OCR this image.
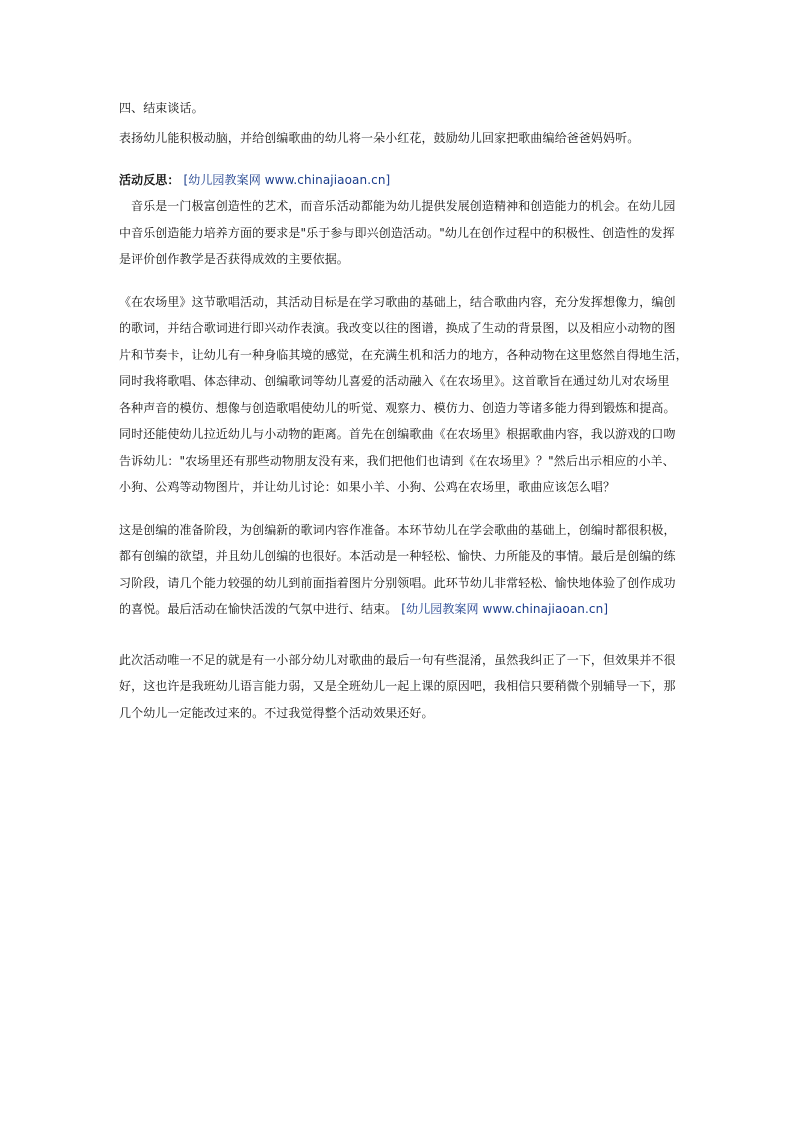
四、结束谈话。

表扬幼儿能积极动脑，并给创编歌曲的幼儿将一朵小红花，鼓励幼儿回家把歌曲编给爸爸妈妈听。

活动反思： [幼儿园教案网 www.chinajiaoan.cn]

音乐是一门极富创造性的艺术，而音乐活动都能为幼儿提供发展创造精神和创造能力的机会。在幼儿园

中音乐创造能力培养方面的要求是"乐于参与即兴创造活动。"幼儿在创作过程中的积极性、创造性的发挥

是评价创作教学是否获得成效的主要依据。

《在农场里》这节歌唱活动，其活动目标是在学习歌曲的基础上，结合歌曲内容，充分发挥想像力，编创

的歌词，并结合歌词进行即兴动作表演。我改变以往的图谱，换成了生动的背景图，以及相应小动物的图

片和节奏卡，让幼儿有一种身临其境的感觉，在充满生机和活力的地方，各种动物在这里悠然自得地生活，

同时我将歌唱、体态律动、创编歌词等幼儿喜爱的活动融入《在农场里》。这首歌旨在通过幼儿对农场里

各种声音的模仿、想像与创造歌唱使幼儿的听觉、观察力、模仿力、创造力等诸多能力得到锻炼和提高。

同时还能使幼儿拉近幼儿与小动物的距离。首先在创编歌曲《在农场里》根据歌曲内容，我以游戏的口吻

告诉幼儿："农场里还有那些动物朋友没有来，我们把他们也请到《在农场里》？"然后出示相应的小羊、

小狗、公鸡等动物图片，并让幼儿讨论：如果小羊、小狗、公鸡在农场里，歌曲应该怎么唱？

这是创编的准备阶段，为创编新的歌词内容作准备。本环节幼儿在学会歌曲的基础上，创编时都很积极，

都有创编的欲望，并且幼儿创编的也很好。本活动是一种轻松、愉快、力所能及的事情。最后是创编的练

习阶段，请几个能力较强的幼儿到前面指着图片分别领唱。此环节幼儿非常轻松、愉快地体验了创作成功

的喜悦。最后活动在愉快活泼的气氛中进行、结束。 [幼儿园教案网 www.chinajiaoan.cn]

此次活动唯一不足的就是有一小部分幼儿对歌曲的最后一句有些混淆，虽然我纠正了一下，但效果并不很

好，这也许是我班幼儿语言能力弱，又是全班幼儿一起上课的原因吧，我相信只要稍微个别辅导一下，那

几个幼儿一定能改过来的。不过我觉得整个活动效果还好。
